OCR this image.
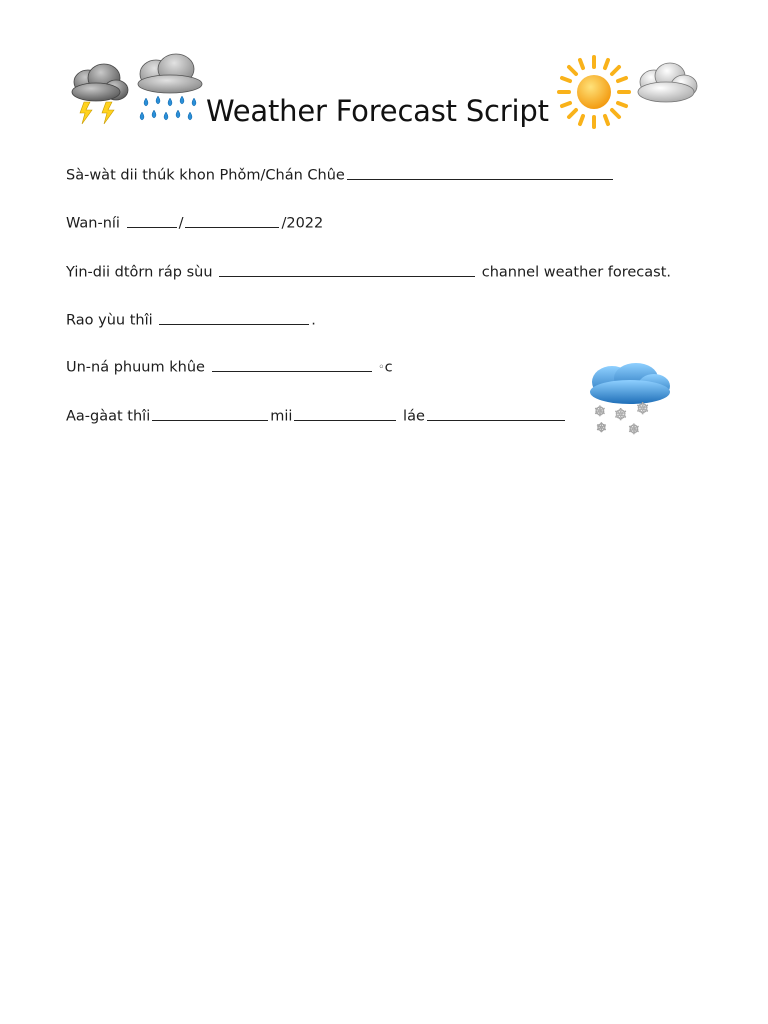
Weather Forecast Script
Sà-wàt dii thúk khon Phǒm/Chán Chûe
Wan-níi	/	/2022
Yin-dii dtôrn ráp sùu	channel weather forecast.
Rao yùu thîi	.
Un-ná phuum khûe	◦c
Aa-gàat thîi	mii	láe	❄ ❄ ❄
❄ ❄
